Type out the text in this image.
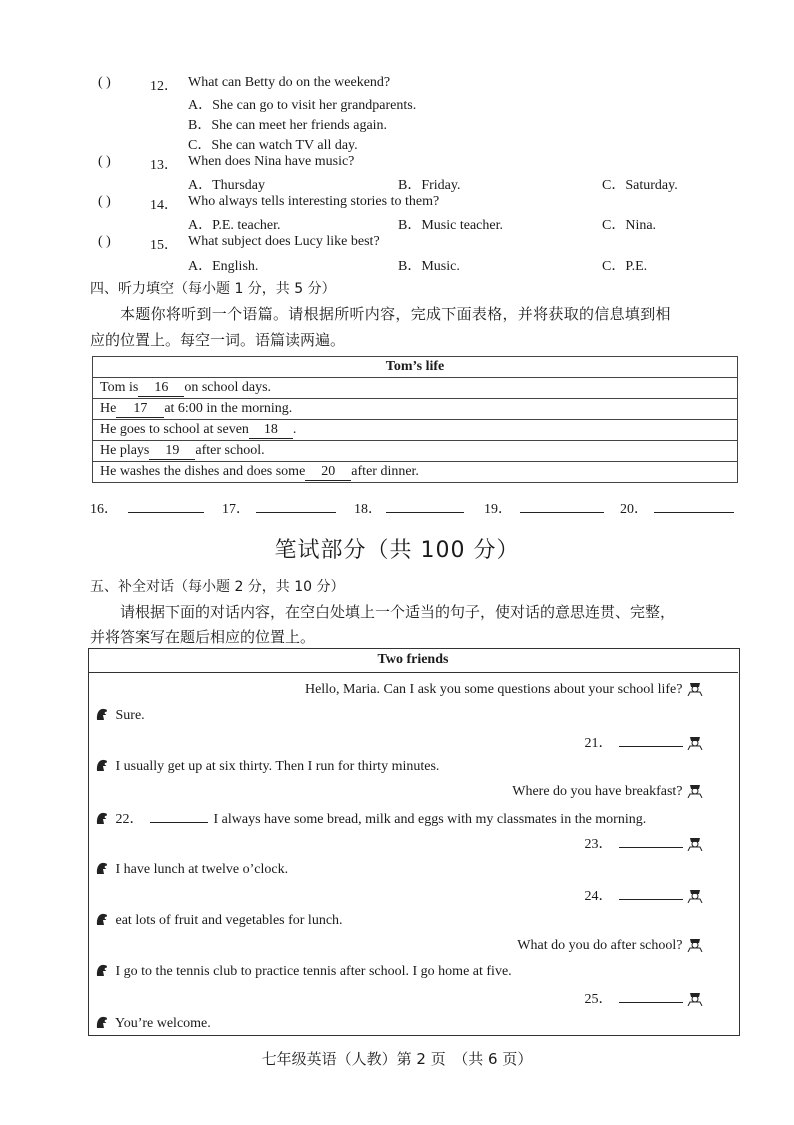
( )	12． What can Betty do on the weekend?
A．She can go to visit her grandparents.
B．She can meet her friends again.
C．She can watch TV all day.
( )	13． When does Nina have music?
A．Thursday	B．Friday.	C．Saturday.
( )	14． Who always tells interesting stories to them?
A．P.E. teacher.	B．Music teacher.	C．Nina.
( )	15． What subject does Lucy like best?
A．English.	B．Music.	C．P.E.
四、听力填空（每小题 1 分，共 5 分）
本题你将听到一个语篇。请根据所听内容，完成下面表格，并将获取的信息填到相
应的位置上。每空一词。语篇读两遍。
Tom’s life
Tom is 16 on school days.
He 17 at 6:00 in the morning.
He goes to school at seven 18 .
He plays 19 after school.
He washes the dishes and does some 20 after dinner.
16．	17．	18．	19．	20．
笔试部分（共 100 分）
五、补全对话（每小题 2 分，共 10 分）
请根据下面的对话内容，在空白处填上一个适当的句子，使对话的意思连贯、完整，
并将答案写在题后相应的位置上。
Two friends
Hello, Maria. Can I ask you some questions about your school life?
Sure.
21．
I usually get up at six thirty. Then I run for thirty minutes.
Where do you have breakfast?
22．	I always have some bread, milk and eggs with my classmates in the morning.
23．
I have lunch at twelve o’clock.
24．
eat lots of fruit and vegetables for lunch.
What do you do after school?
I go to the tennis club to practice tennis after school. I go home at five.
25．
You’re welcome.
七年级英语（人教）第 2 页　（共 6 页）
